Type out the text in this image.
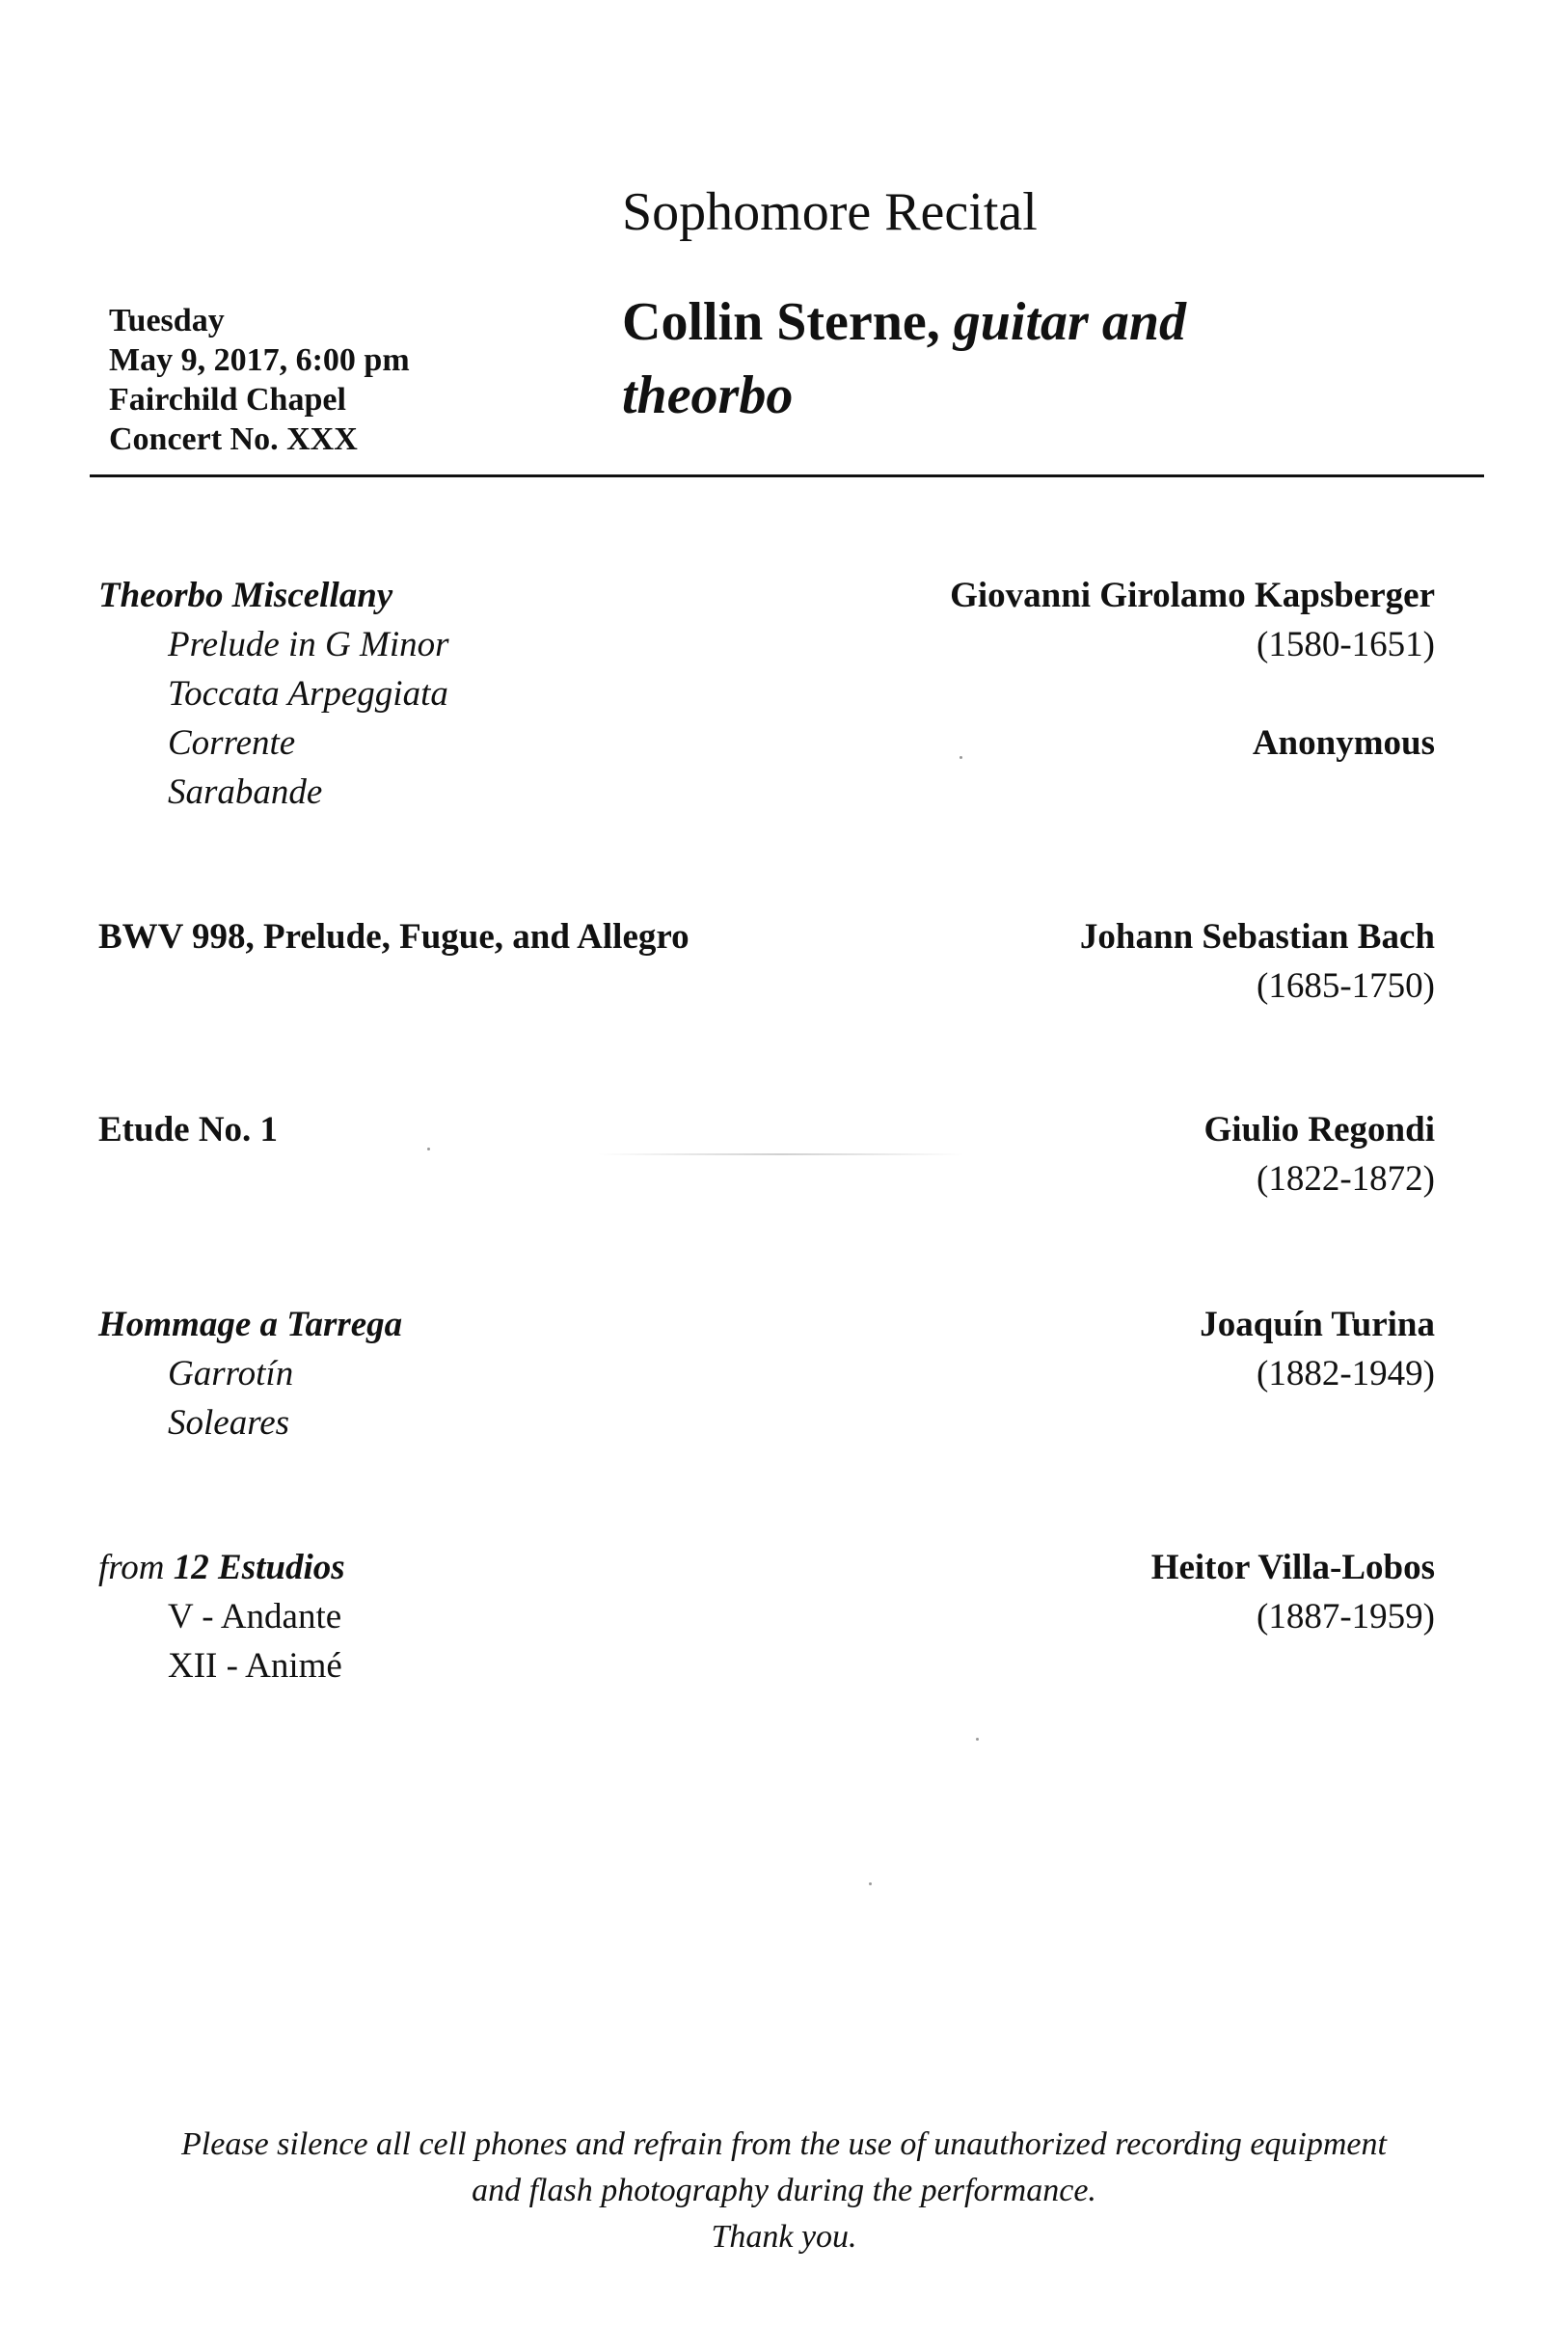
Sophomore Recital
Collin Sterne, guitar and theorbo
Tuesday
May 9, 2017, 6:00 pm
Fairchild Chapel
Concert No. XXX
Theorbo Miscellany
Prelude in G Minor
Toccata Arpeggiata
Corrente
Sarabande
Giovanni Girolamo Kapsberger
(1580-1651)
Anonymous
BWV 998, Prelude, Fugue, and Allegro	Johann Sebastian Bach
(1685-1750)
Etude No. 1	Giulio Regondi
(1822-1872)
Hommage a Tarrega
Garrotín
Soleares
Joaquín Turina
(1882-1949)
from 12 Estudios
V - Andante
XII - Animé
Heitor Villa-Lobos
(1887-1959)
Please silence all cell phones and refrain from the use of unauthorized recording equipment
and flash photography during the performance.
Thank you.
